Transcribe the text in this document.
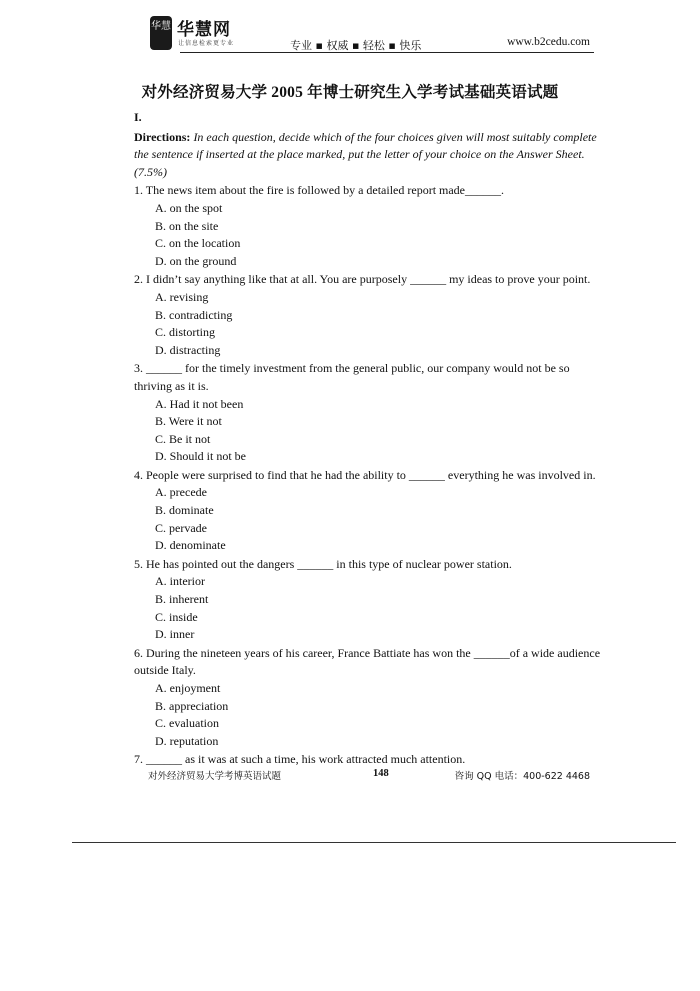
华慧 华慧网
让信息检索更专业	专业 ▪ 权威 ▪ 轻松 ▪ 快乐	www.b2cedu.com
对外经济贸易大学 2005 年博士研究生入学考试基础英语试题
I.
Directions: In each question, decide which of the four choices given will most suitably complete
the sentence if inserted at the place marked, put the letter of your choice on the Answer Sheet.
(7.5%)
1. The news item about the fire is followed by a detailed report made______.
A. on the spot
B. on the site
C. on the location
D. on the ground
2. I didn’t say anything like that at all. You are purposely ______ my ideas to prove your point.
A. revising
B. contradicting
C. distorting
D. distracting
3. ______ for the timely investment from the general public, our company would not be so
thriving as it is.
A. Had it not been
B. Were it not
C. Be it not
D. Should it not be
4. People were surprised to find that he had the ability to ______ everything he was involved in.
A. precede
B. dominate
C. pervade
D. denominate
5. He has pointed out the dangers ______ in this type of nuclear power station.
A. interior
B. inherent
C. inside
D. inner
6. During the nineteen years of his career, France Battiate has won the ______of a wide audience
outside Italy.
A. enjoyment
B. appreciation
C. evaluation
D. reputation
7. ______ as it was at such a time, his work attracted much attention.
对外经济贸易大学考博英语试题	148	咨询 QQ 电话：400-622 4468
